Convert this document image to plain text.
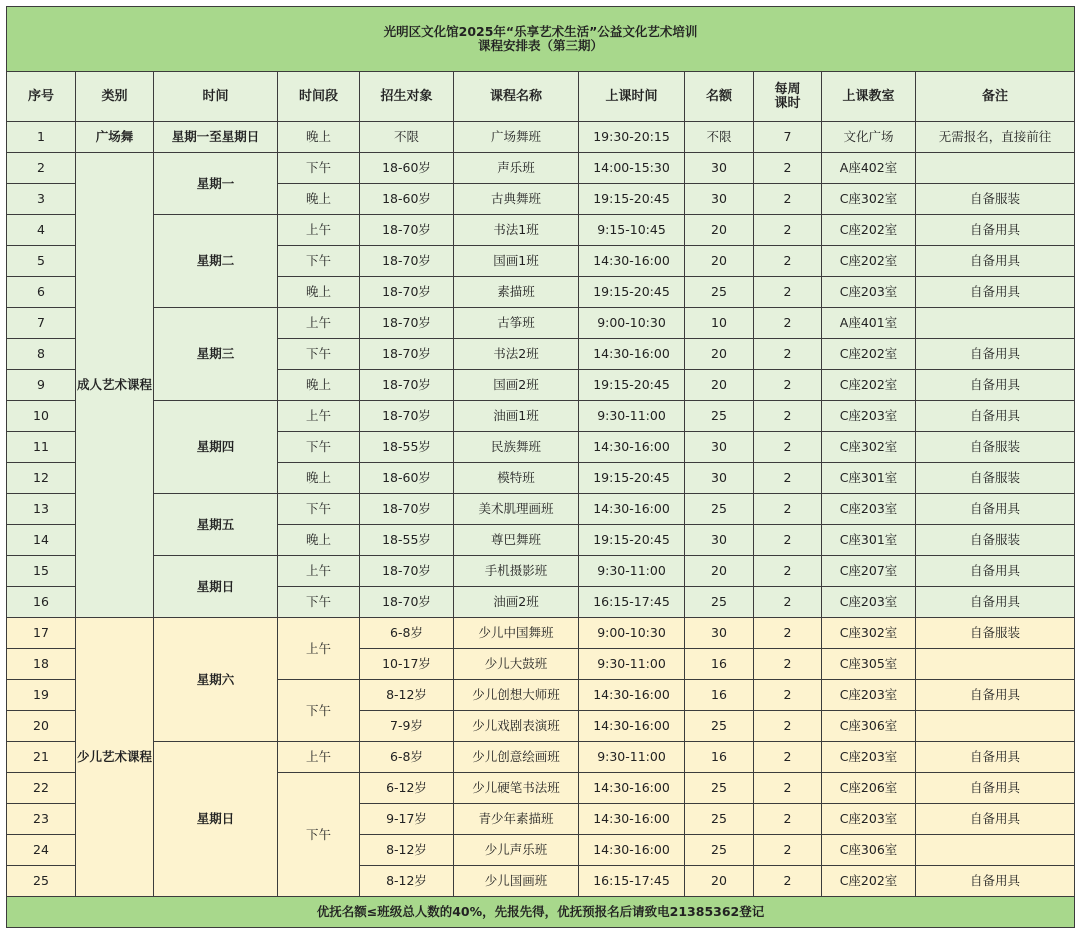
光明区文化馆2025年“乐享艺术生活”公益文化艺术培训
课程安排表（第三期）										

序号	类别	时间	时间段	招生对象	课程名称	上课时间	名额	每周
课时	上课教室	备注
1	广场舞	星期一至星期日	晚上	不限	广场舞班	19:30-20:15	不限	7	文化广场	无需报名，直接前往
2	成人艺术课程	星期一	下午	18-60岁	声乐班	14:00-15:30	30	2	A座402室	
3			晚上	18-60岁	古典舞班	19:15-20:45	30	2	C座302室	自备服装
4		星期二	上午	18-70岁	书法1班	9:15-10:45	20	2	C座202室	自备用具
5			下午	18-70岁	国画1班	14:30-16:00	20	2	C座202室	自备用具
6			晚上	18-70岁	素描班	19:15-20:45	25	2	C座203室	自备用具
7		星期三	上午	18-70岁	古筝班	9:00-10:30	10	2	A座401室	
8			下午	18-70岁	书法2班	14:30-16:00	20	2	C座202室	自备用具
9			晚上	18-70岁	国画2班	19:15-20:45	20	2	C座202室	自备用具
10		星期四	上午	18-70岁	油画1班	9:30-11:00	25	2	C座203室	自备用具
11			下午	18-55岁	民族舞班	14:30-16:00	30	2	C座302室	自备服装
12			晚上	18-60岁	模特班	19:15-20:45	30	2	C座301室	自备服装
13		星期五	下午	18-70岁	美术肌理画班	14:30-16:00	25	2	C座203室	自备用具
14			晚上	18-55岁	尊巴舞班	19:15-20:45	30	2	C座301室	自备服装
15		星期日	上午	18-70岁	手机摄影班	9:30-11:00	20	2	C座207室	自备用具
16			下午	18-70岁	油画2班	16:15-17:45	25	2	C座203室	自备用具
17	少儿艺术课程	星期六	上午	6-8岁	少儿中国舞班	9:00-10:30	30	2	C座302室	自备服装
18				10-17岁	少儿大鼓班	9:30-11:00	16	2	C座305室	
19			下午	8-12岁	少儿创想大师班	14:30-16:00	16	2	C座203室	自备用具
20				7-9岁	少儿戏剧表演班	14:30-16:00	25	2	C座306室	
21		星期日	上午	6-8岁	少儿创意绘画班	9:30-11:00	16	2	C座203室	自备用具
22			下午	6-12岁	少儿硬笔书法班	14:30-16:00	25	2	C座206室	自备用具
23				9-17岁	青少年素描班	14:30-16:00	25	2	C座203室	自备用具
24				8-12岁	少儿声乐班	14:30-16:00	25	2	C座306室	
25				8-12岁	少儿国画班	16:15-17:45	20	2	C座202室	自备用具
优抚名额≤班级总人数的40%，先报先得，优抚预报名后请致电21385362登记										
